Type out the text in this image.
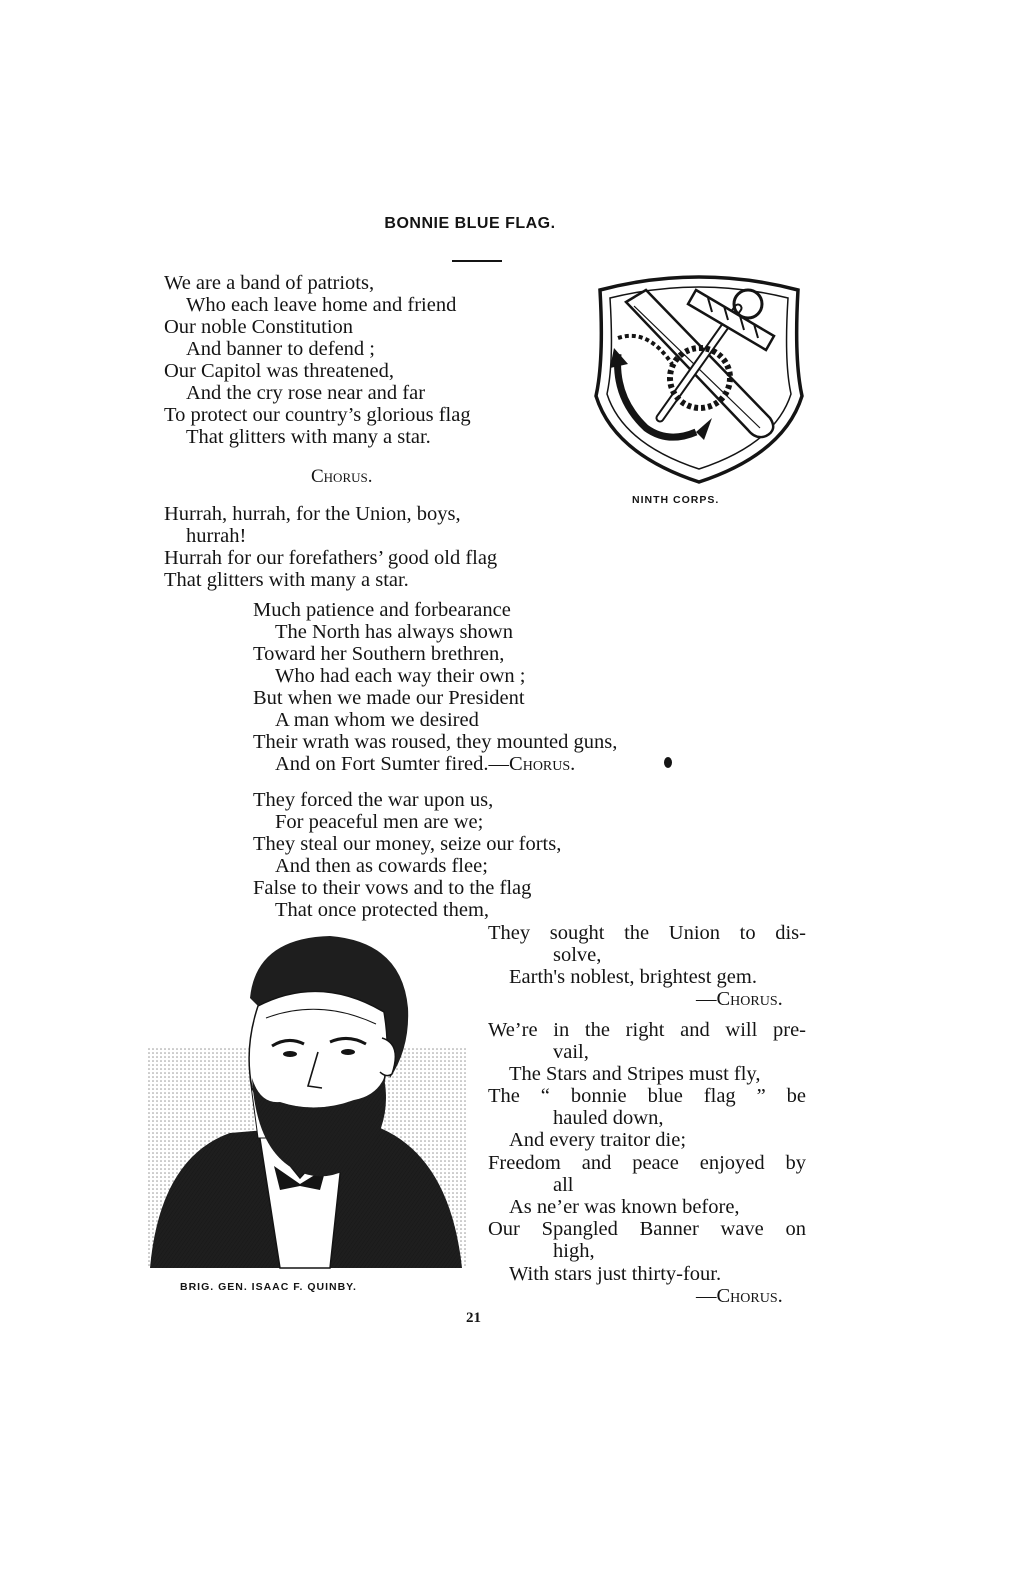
BONNIE BLUE FLAG.
We are a band of patriots,
Who each leave home and friend
Our noble Constitution
And banner to defend ;
Our Capitol was threatened,
And the cry rose near and far
To protect our country’s glorious flag
That glitters with many a star.
NINTH CORPS.
Chorus.
Hurrah, hurrah, for the Union, boys,
hurrah!
Hurrah for our forefathers’ good old flag
That glitters with many a star.
Much patience and forbearance
The North has always shown
Toward her Southern brethren,
Who had each way their own ;
But when we made our President
A man whom we desired
Their wrath was roused, they mounted guns,
And on Fort Sumter fired.—Chorus.
They forced the war upon us,
For peaceful men are we;
They steal our money, seize our forts,
And then as cowards flee;
False to their vows and to the flag
That once protected them,
They sought the Union to dis-
solve,
Earth's noblest, brightest gem.
—Chorus.
BRIG. GEN. ISAAC F. QUINBY.
We’re in the right and will pre-
vail,
The Stars and Stripes must fly,
The “ bonnie blue flag ” be
hauled down,
And every traitor die;
Freedom and peace enjoyed by
all
As ne’er was known before,
Our Spangled Banner wave on
high,
With stars just thirty-four.
—Chorus.
21
